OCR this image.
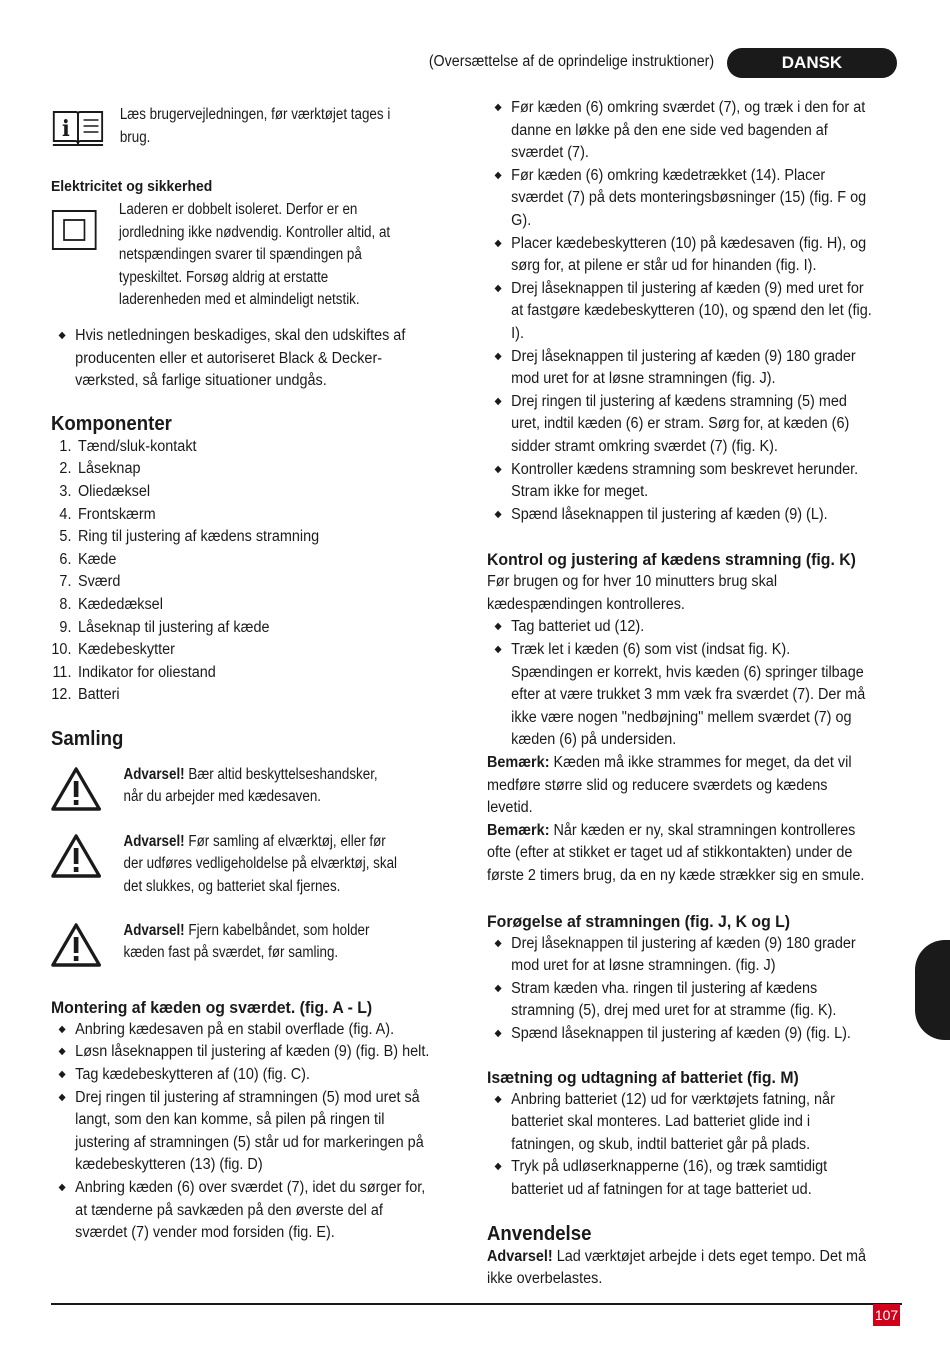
(Oversættelse af de oprindelige instruktioner)	DANSK
i

Læs brugervejledningen, før værktøjet tages i brug.

Elektricitet og sikkerhed

Laderen er dobbelt isoleret. Derfor er en jordledning ikke nødvendig. Kontroller altid, at netspændingen svarer til spændingen på typeskiltet. Forsøg aldrig at erstatte laderenheden med et almindeligt netstik.

◆ Hvis netledningen beskadiges, skal den udskiftes af producenten eller et autoriseret Black & Decker-værksted, så farlige situationer undgås.
Komponenter
1. Tænd/sluk-kontakt
2. Låseknap
3. Oliedæksel
4. Frontskærm
5. Ring til justering af kædens stramning
6. Kæde
7. Sværd
8. Kædedæksel
9. Låseknap til justering af kæde
10. Kædebeskytter
11. Indikator for oliestand
12. Batteri
Samling

Advarsel! Bær altid beskyttelseshandsker, når du arbejder med kædesaven.

Advarsel! Før samling af elværktøj, eller før der udføres vedligeholdelse på elværktøj, skal det slukkes, og batteriet skal fjernes.

Advarsel! Fjern kabelbåndet, som holder kæden fast på sværdet, før samling.

Montering af kæden og sværdet. (fig. A - L)
◆ Anbring kædesaven på en stabil overflade (fig. A).
◆ Løsn låseknappen til justering af kæden (9) (fig. B) helt.
◆ Tag kædebeskytteren af (10) (fig. C).
◆ Drej ringen til justering af stramningen (5) mod uret så langt, som den kan komme, så pilen på ringen til justering af stramningen (5) står ud for markeringen på kædebeskytteren (13) (fig. D)
◆ Anbring kæden (6) over sværdet (7), idet du sørger for, at tænderne på savkæden på den øverste del af sværdet (7) vender mod forsiden (fig. E).
◆ Før kæden (6) omkring sværdet (7), og træk i den for at danne en løkke på den ene side ved bagenden af sværdet (7).
◆ Før kæden (6) omkring kædetrækket (14). Placer sværdet (7) på dets monteringsbøsninger (15) (fig. F og G).
◆ Placer kædebeskytteren (10) på kædesaven (fig. H), og sørg for, at pilene er står ud for hinanden (fig. I).
◆ Drej låseknappen til justering af kæden (9) med uret for at fastgøre kædebeskytteren (10), og spænd den let (fig. I).
◆ Drej låseknappen til justering af kæden (9) 180 grader mod uret for at løsne stramningen (fig. J).
◆ Drej ringen til justering af kædens stramning (5) med uret, indtil kæden (6) er stram. Sørg for, at kæden (6) sidder stramt omkring sværdet (7) (fig. K).
◆ Kontroller kædens stramning som beskrevet herunder. Stram ikke for meget.
◆ Spænd låseknappen til justering af kæden (9) (L).
Kontrol og justering af kædens stramning (fig. K)

Før brugen og for hver 10 minutters brug skal kædespændingen kontrolleres.

◆ Tag batteriet ud (12).
◆ Træk let i kæden (6) som vist (indsat fig. K). Spændingen er korrekt, hvis kæden (6) springer tilbage efter at være trukket 3 mm væk fra sværdet (7). Der må ikke være nogen "nedbøjning" mellem sværdet (7) og kæden (6) på undersiden.

Bemærk: Kæden må ikke strammes for meget, da det vil medføre større slid og reducere sværdets og kædens levetid.

Bemærk: Når kæden er ny, skal stramningen kontrolleres ofte (efter at stikket er taget ud af stikkontakten) under de første 2 timers brug, da en ny kæde strækker sig en smule.

Forøgelse af stramningen (fig. J, K og L)
◆ Drej låseknappen til justering af kæden (9) 180 grader mod uret for at løsne stramningen. (fig. J)
◆ Stram kæden vha. ringen til justering af kædens stramning (5), drej med uret for at stramme (fig. K).
◆ Spænd låseknappen til justering af kæden (9) (fig. L).
Isætning og udtagning af batteriet (fig. M)
◆ Anbring batteriet (12) ud for værktøjets fatning, når batteriet skal monteres. Lad batteriet glide ind i fatningen, og skub, indtil batteriet går på plads.
◆ Tryk på udløserknapperne (16), og træk samtidigt batteriet ud af fatningen for at tage batteriet ud.
Anvendelse

Advarsel! Lad værktøjet arbejde i dets eget tempo. Det må ikke overbelastes.

107
